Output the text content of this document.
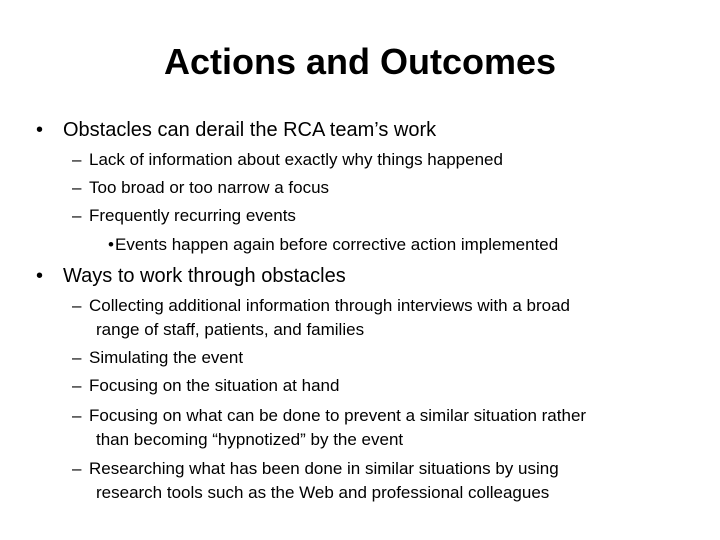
Actions and Outcomes
• Obstacles can derail the RCA team’s work
– Lack of information about exactly why things happened
– Too broad or too narrow a focus
– Frequently recurring events
• Events happen again before corrective action implemented
• Ways to work through obstacles
– Collecting additional information through interviews with a broad
range of staff, patients, and families
– Simulating the event
– Focusing on the situation at hand
– Focusing on what can be done to prevent a similar situation rather
than becoming “hypnotized” by the event
– Researching what has been done in similar situations by using
research tools such as the Web and professional colleagues
